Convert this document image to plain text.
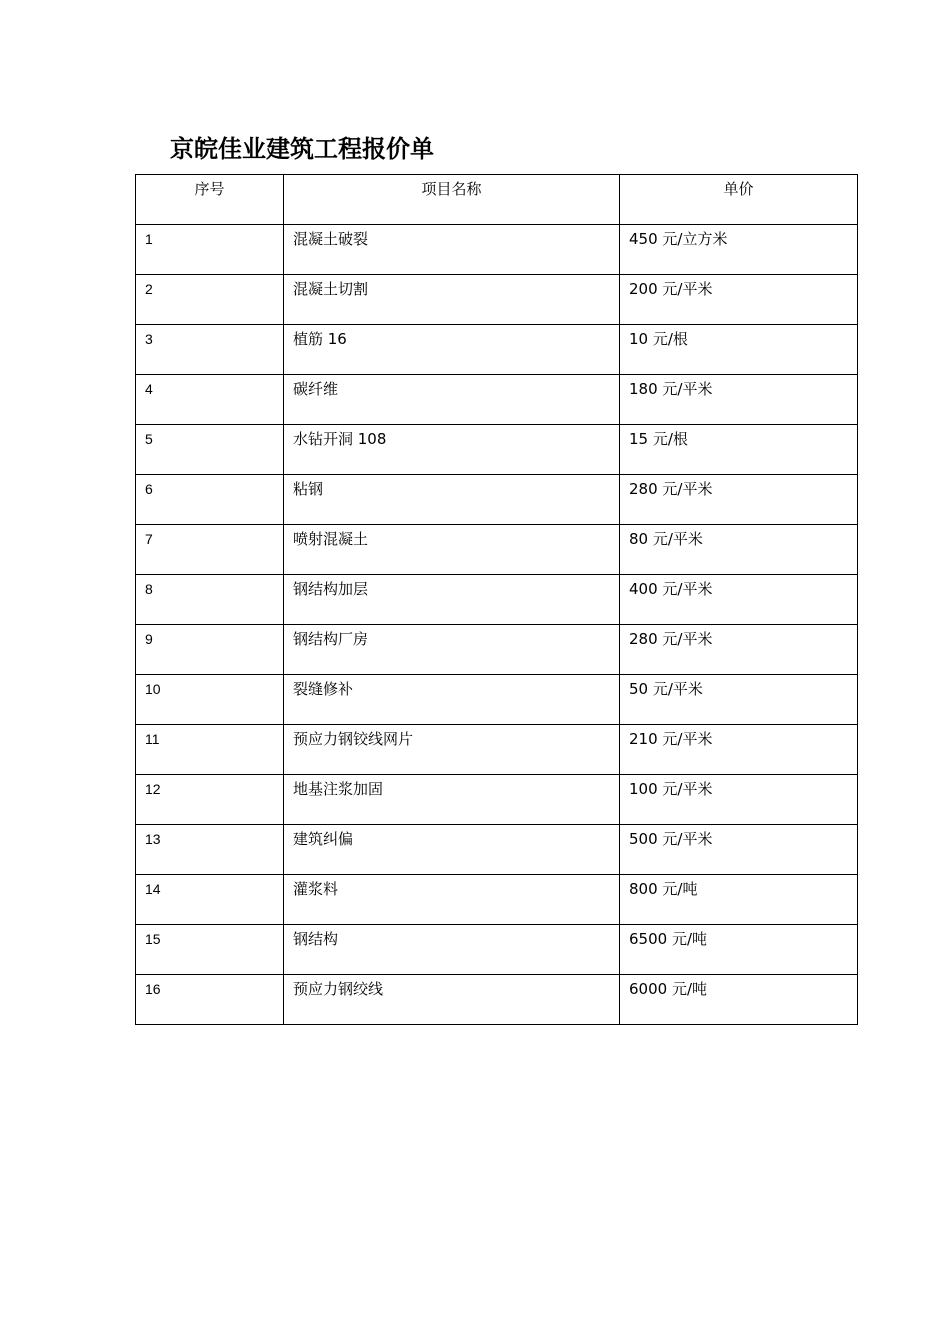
京皖佳业建筑工程报价单
序号	项目名称	单价
1	混凝土破裂	450 元/立方米
2	混凝土切割	200 元/平米
3	植筋 16	10 元/根
4	碳纤维	180 元/平米
5	水钻开洞 108	15 元/根
6	粘钢	280 元/平米
7	喷射混凝土	80 元/平米
8	钢结构加层	400 元/平米
9	钢结构厂房	280 元/平米
10	裂缝修补	50 元/平米
11	预应力钢铰线网片	210 元/平米
12	地基注浆加固	100 元/平米
13	建筑纠偏	500 元/平米
14	灌浆料	800 元/吨
15	钢结构	6500 元/吨
16	预应力钢绞线	6000 元/吨
